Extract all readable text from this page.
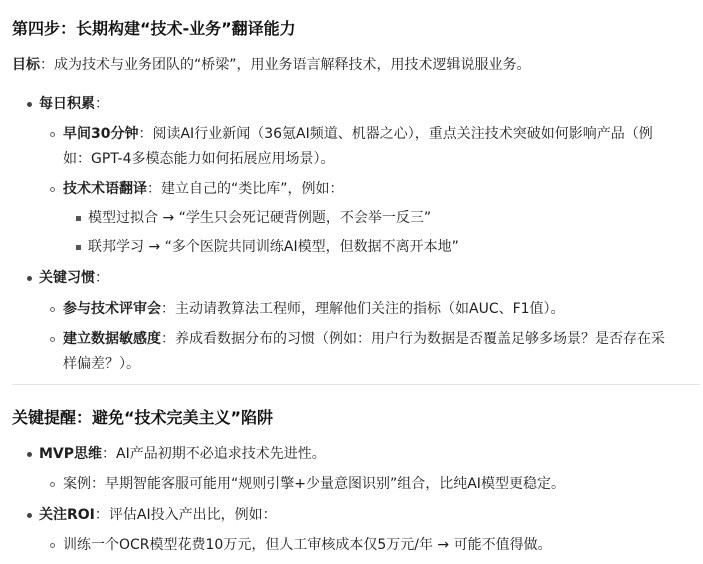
第四步：长期构建“技术-业务”翻译能力
目标：成为技术与业务团队的“桥梁”，用业务语言解释技术，用技术逻辑说服业务。
每日积累：
早间30分钟：阅读AI行业新闻（36氪AI频道、机器之心），重点关注技术突破如何影响产品（例
如：GPT-4多模态能力如何拓展应用场景）。
技术术语翻译：建立自己的“类比库”，例如：
模型过拟合 → “学生只会死记硬背例题，不会举一反三”
联邦学习 → “多个医院共同训练AI模型，但数据不离开本地”
关键习惯：
参与技术评审会：主动请教算法工程师，理解他们关注的指标（如AUC、F1值）。
建立数据敏感度：养成看数据分布的习惯（例如：用户行为数据是否覆盖足够多场景？是否存在采
样偏差？）。
关键提醒：避免“技术完美主义”陷阱
MVP思维：AI产品初期不必追求技术先进性。
案例：早期智能客服可能用“规则引擎+少量意图识别”组合，比纯AI模型更稳定。
关注ROI：评估AI投入产出比，例如：
训练一个OCR模型花费10万元，但人工审核成本仅5万元/年 → 可能不值得做。
